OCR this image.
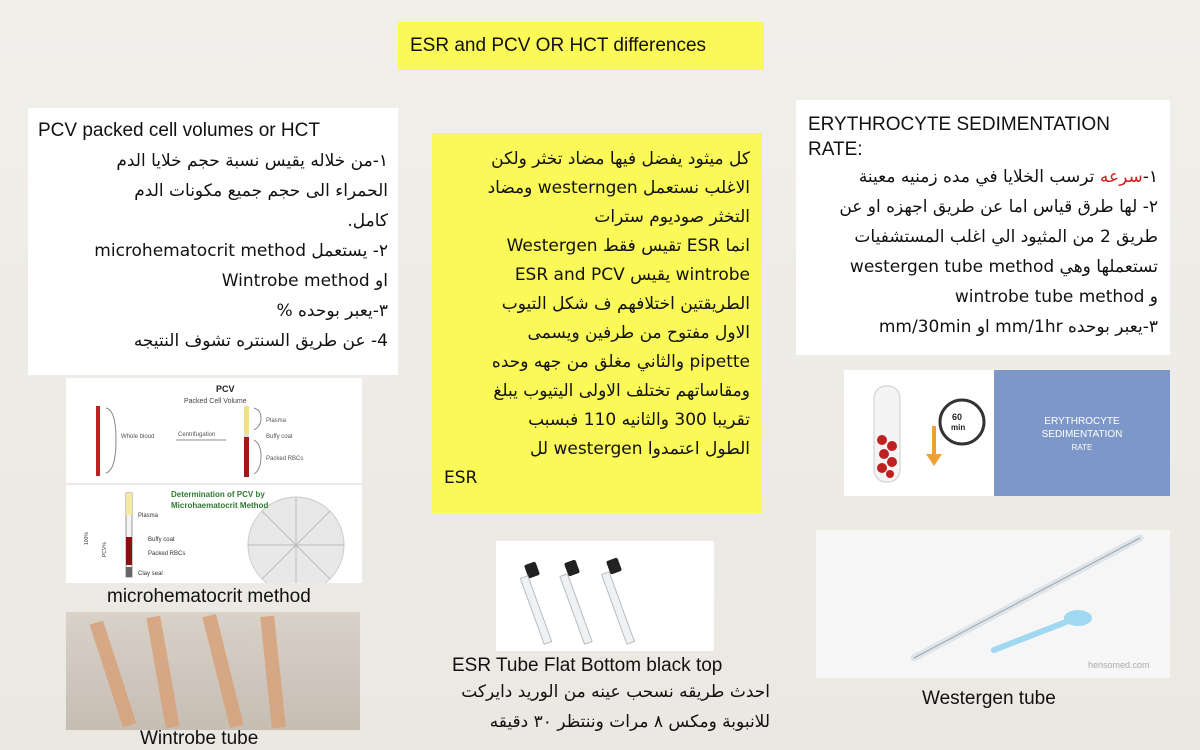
ESR and PCV OR HCT differences
PCV packed cell volumes or HCT
١-من خلاله يقيس نسبة حجم خلايا الدم
الحمراء الى حجم جميع مكونات الدم
كامل.
٢- يستعمل microhematocrit method
او Wintrobe method
٣-يعبر بوحده %
4- عن طريق السنتره تشوف النتيجه
كل ميثود يفضل فيها مضاد تخثر ولكن
الاغلب نستعمل westerngen ومضاد
التخثر صوديوم سترات
انما ESR تقيس فقط Westergen
wintrobe يقيس ESR and PCV
الطريقتين اختلافهم ف شكل التيوب
الاول مفتوح من طرفين ويسمى
pipette والثاني مغلق من جهه وحده
ومقاساتهم تختلف الاولى اليتيوب يبلغ
تقريبا 300 والثانيه 110 فبسبب
الطول اعتمدوا westergen لل
ESR
ERYTHROCYTE SEDIMENTATION
RATE:
١-سرعه ترسب الخلايا في مده زمنيه معينة
٢- لها طرق قياس اما عن طريق اجهزه او عن
طريق 2 من المثيود الي اغلب المستشفيات
تستعملها وهي westergen tube method
و wintrobe tube method
٣-يعبر بوحده mm/1hr او mm/30min
PCV
Packed Cell Volume
Whole blood	Centrifugation
Plasma
Buffy coat
Packed RBCs
Determination of PCV by
Microhaematocrit Method
Plasma
Buffy coat
Packed RBCs
Clay seal
100%
PCV%
microhematocrit method
Wintrobe tube
ESR Tube Flat Bottom black top
احدث طريقه نسحب عينه من الوريد دايركت
للانبوبة ومكس ٨ مرات وننتظر ٣٠ دقيقه
60
min
ERYTHROCYTE
SEDIMENTATION
RATE
hensomed.com
Westergen tube
